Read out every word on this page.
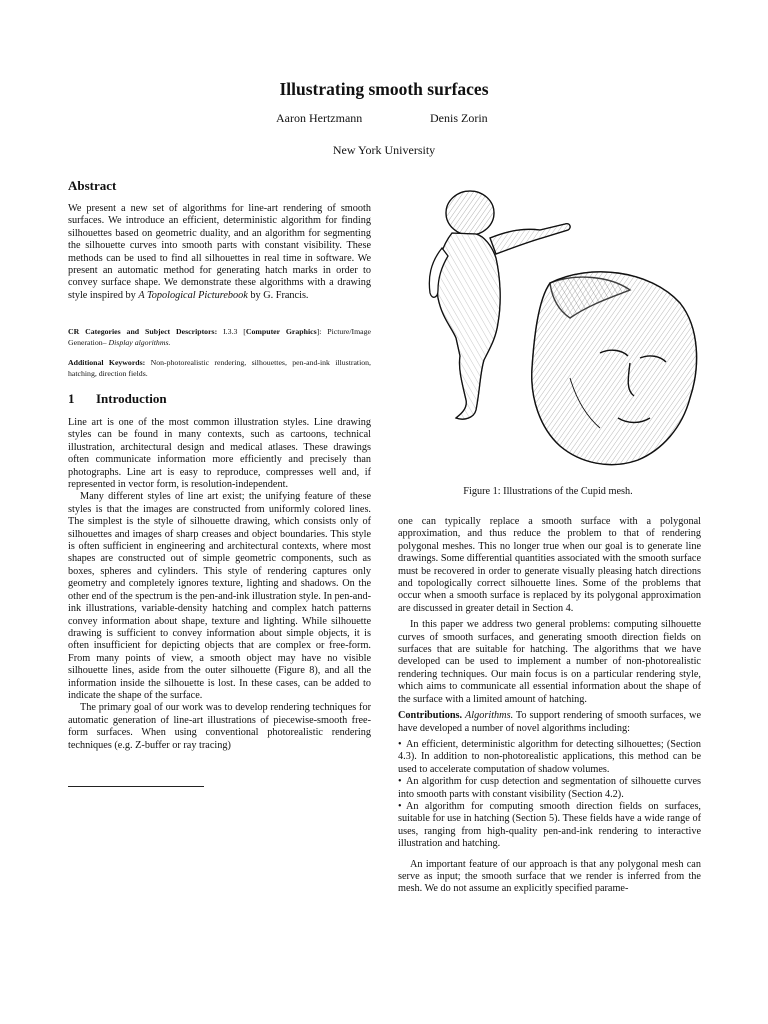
Illustrating smooth surfaces
Aaron Hertzmann	Denis Zorin
New York University
Abstract

We present a new set of algorithms for line-art rendering of smooth surfaces. We introduce an efficient, deterministic algorithm for finding silhouettes based on geometric duality, and an algorithm for segmenting the silhouette curves into smooth parts with constant visibility. These methods can be used to find all silhouettes in real time in software. We present an automatic method for generating hatch marks in order to convey surface shape. We demonstrate these algorithms with a drawing style inspired by A Topological Picturebook by G. Francis.

CR Categories and Subject Descriptors: I.3.3 [Computer Graphics]: Picture/Image Generation– Display algorithms.
Additional Keywords: Non-photorealistic rendering, silhouettes, pen-and-ink illustration, hatching, direction fields.
1 Introduction

Line art is one of the most common illustration styles. Line drawing styles can be found in many contexts, such as cartoons, technical illustration, architectural design and medical atlases. These drawings often communicate information more efficiently and precisely than photographs. Line art is easy to reproduce, compresses well and, if represented in vector form, is resolution-independent.

Many different styles of line art exist; the unifying feature of these styles is that the images are constructed from uniformly colored lines. The simplest is the style of silhouette drawing, which consists only of silhouettes and images of sharp creases and object boundaries. This style is often sufficient in engineering and architectural contexts, where most shapes are constructed out of simple geometric components, such as boxes, spheres and cylinders. This style of rendering captures only geometry and completely ignores texture, lighting and shadows. On the other end of the spectrum is the pen-and-ink illustration style. In pen-and-ink illustrations, variable-density hatching and complex hatch patterns convey information about shape, texture and lighting. While silhouette drawing is sufficient to convey information about simple objects, it is often insufficient for depicting objects that are complex or free-form. From many points of view, a smooth object may have no visible silhouette lines, aside from the outer silhouette (Figure 8), and all the information inside the silhouette is lost. In these cases, can be added to indicate the shape of the surface.

The primary goal of our work was to develop rendering techniques for automatic generation of line-art illustrations of piecewise-smooth free-form surfaces. When using conventional photorealistic rendering techniques (e.g. Z-buffer or ray tracing)

Figure 1: Illustrations of the Cupid mesh.

one can typically replace a smooth surface with a polygonal approximation, and thus reduce the problem to that of rendering polygonal meshes. This no longer true when our goal is to generate line drawings. Some differential quantities associated with the smooth surface must be recovered in order to generate visually pleasing hatch directions and topologically correct silhouette lines. Some of the problems that occur when a smooth surface is replaced by its polygonal approximation are discussed in greater detail in Section 4.

In this paper we address two general problems: computing silhouette curves of smooth surfaces, and generating smooth direction fields on surfaces that are suitable for hatching. The algorithms that we have developed can be used to implement a number of non-photorealistic rendering techniques. Our main focus is on a particular rendering style, which aims to communicate all essential information about the shape of the surface with a limited amount of hatching.

Contributions. Algorithms. To support rendering of smooth surfaces, we have developed a number of novel algorithms including:

• An efficient, deterministic algorithm for detecting silhouettes; (Section 4.3). In addition to non-photorealistic applications, this method can be used to accelerate computation of shadow volumes.
• An algorithm for cusp detection and segmentation of silhouette curves into smooth parts with constant visibility (Section 4.2).
• An algorithm for computing smooth direction fields on surfaces, suitable for use in hatching (Section 5). These fields have a wide range of uses, ranging from high-quality pen-and-ink rendering to interactive illustration and hatching.

An important feature of our approach is that any polygonal mesh can serve as input; the smooth surface that we render is inferred from the mesh. We do not assume an explicitly specified parame-
